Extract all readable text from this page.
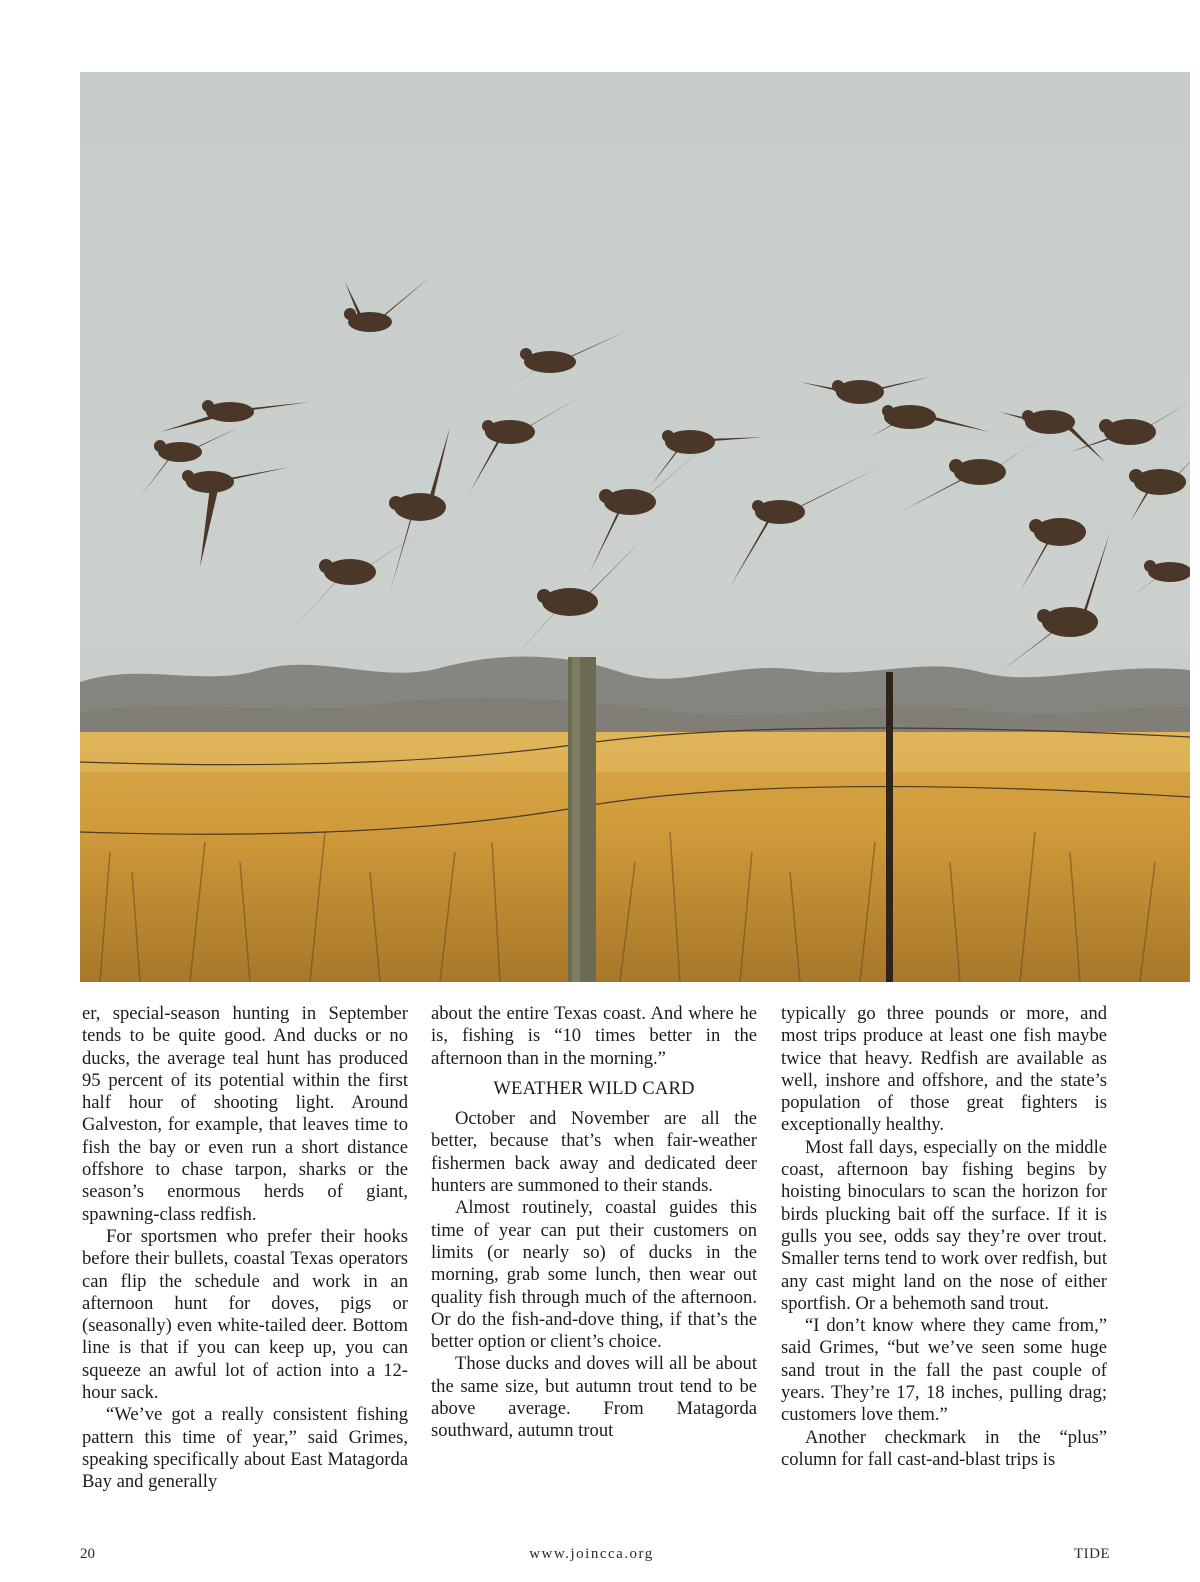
er, special-season hunting in September tends to be quite good. And ducks or no ducks, the average teal hunt has produced 95 percent of its potential within the first half hour of shooting light. Around Galveston, for example, that leaves time to fish the bay or even run a short distance offshore to chase tarpon, sharks or the season’s enormous herds of giant, spawning-class redfish.

For sportsmen who prefer their hooks before their bullets, coastal Texas operators can flip the schedule and work in an afternoon hunt for doves, pigs or (seasonally) even white-tailed deer. Bottom line is that if you can keep up, you can squeeze an awful lot of action into a 12-hour sack.

“We’ve got a really consistent fishing pattern this time of year,” said Grimes, speaking specifically about East Matagorda Bay and generally

about the entire Texas coast. And where he is, fishing is “10 times better in the afternoon than in the morning.”

WEATHER WILD CARD

October and November are all the better, because that’s when fair-weather fishermen back away and dedicated deer hunters are summoned to their stands.

Almost routinely, coastal guides this time of year can put their customers on limits (or nearly so) of ducks in the morning, grab some lunch, then wear out quality fish through much of the afternoon. Or do the fish-and-dove thing, if that’s the better option or client’s choice.

Those ducks and doves will all be about the same size, but autumn trout tend to be above average. From Matagorda southward, autumn trout

typically go three pounds or more, and most trips produce at least one fish maybe twice that heavy. Redfish are available as well, inshore and offshore, and the state’s population of those great fighters is exceptionally healthy.

Most fall days, especially on the middle coast, afternoon bay fishing begins by hoisting binoculars to scan the horizon for birds plucking bait off the surface. If it is gulls you see, odds say they’re over trout. Smaller terns tend to work over redfish, but any cast might land on the nose of either sportfish. Or a behemoth sand trout.

“I don’t know where they came from,” said Grimes, “but we’ve seen some huge sand trout in the fall the past couple of years. They’re 17, 18 inches, pulling drag; customers love them.”

Another checkmark in the “plus” column for fall cast-and-blast trips is

20	www.joincca.org	TIDE
